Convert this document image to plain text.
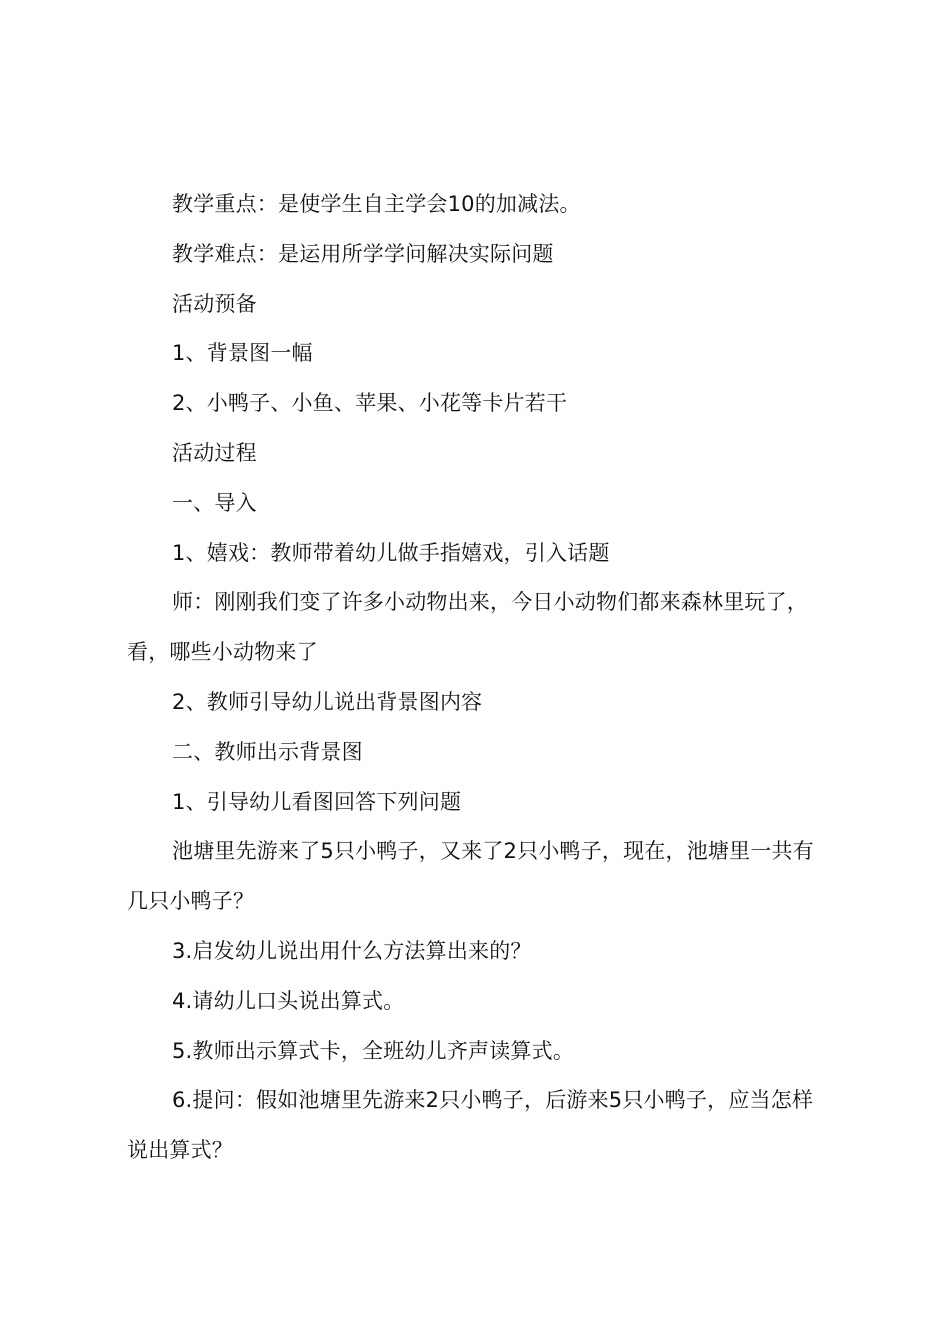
教学重点：是使学生自主学会10的加减法。

教学难点：是运用所学学问解决实际问题

活动预备

1、背景图一幅

2、小鸭子、小鱼、苹果、小花等卡片若干

活动过程

一、导入

1、嬉戏：教师带着幼儿做手指嬉戏，引入话题

师：刚刚我们变了许多小动物出来，今日小动物们都来森林里玩了，看，哪些小动物来了

2、教师引导幼儿说出背景图内容

二、教师出示背景图

1、引导幼儿看图回答下列问题

池塘里先游来了5只小鸭子，又来了2只小鸭子，现在，池塘里一共有几只小鸭子？

3.启发幼儿说出用什么方法算出来的？

4.请幼儿口头说出算式。

5.教师出示算式卡，全班幼儿齐声读算式。

6.提问：假如池塘里先游来2只小鸭子，后游来5只小鸭子，应当怎样说出算式？
